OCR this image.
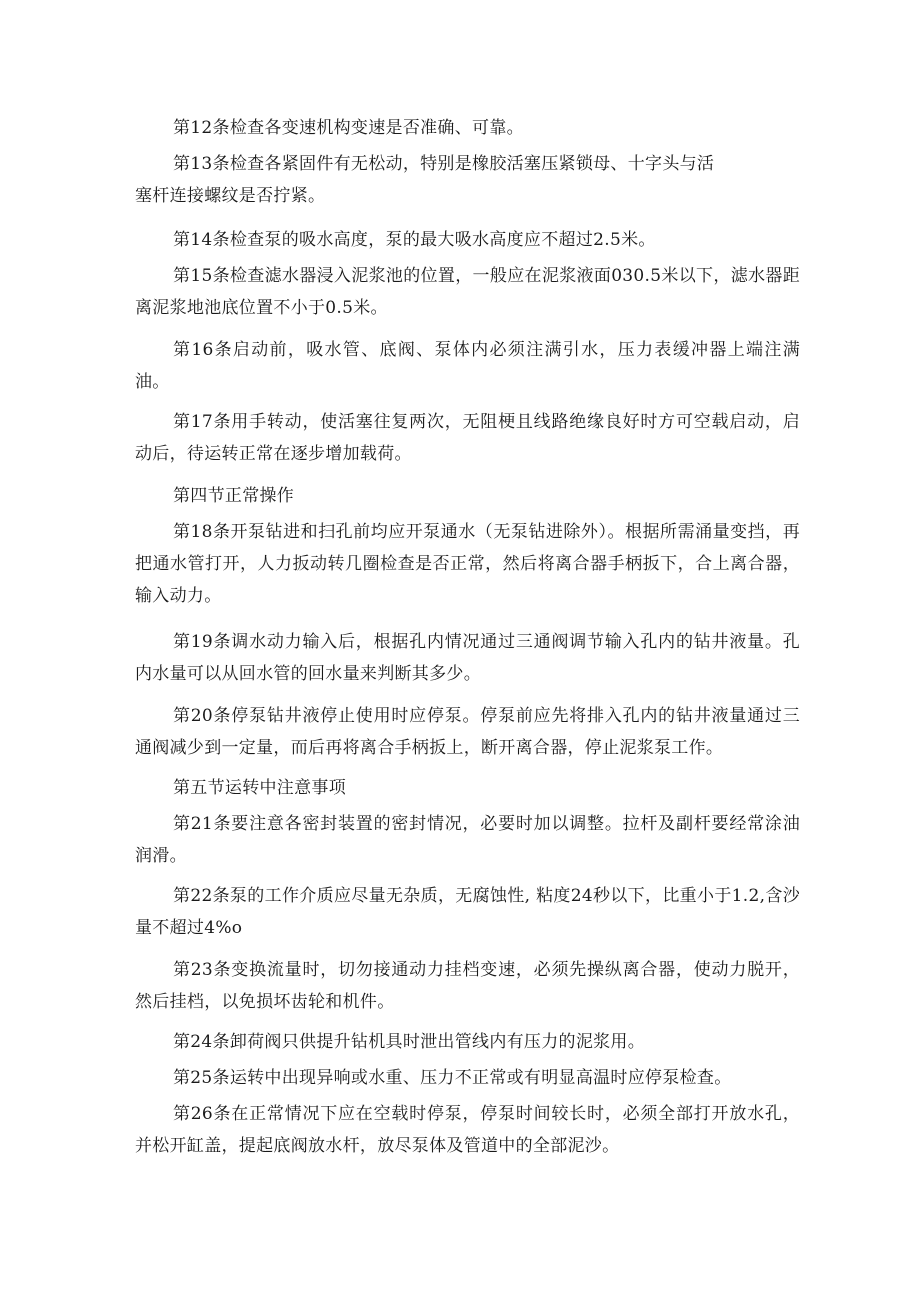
第12条检查各变速机构变速是否准确、可靠。

第13条检查各紧固件有无松动，特别是橡胶活塞压紧锁母、十字头与活
塞杆连接螺纹是否拧紧。

第14条检查泵的吸水高度，泵的最大吸水高度应不超过2.5米。

第15条检查滤水器浸入泥浆池的位置，一般应在泥浆液面030.5米以下，滤水器距离泥浆地池底位置不小于0.5米。

第16条启动前，吸水管、底阀、泵体内必须注满引水，压力表缓冲器上端注满油。

第17条用手转动，使活塞往复两次，无阻梗且线路绝缘良好时方可空载启动，启动后，待运转正常在逐步增加载荷。

第四节正常操作

第18条开泵钻进和扫孔前均应开泵通水（无泵钻进除外）。根据所需涌量变挡，再把通水管打开，人力扳动转几圈检查是否正常，然后将离合器手柄扳下，合上离合器，输入动力。

第19条调水动力输入后，根据孔内情况通过三通阀调节输入孔内的钻井液量。孔内水量可以从回水管的回水量来判断其多少。

第20条停泵钻井液停止使用时应停泵。停泵前应先将排入孔内的钻井液量通过三通阀减少到一定量，而后再将离合手柄扳上，断开离合器，停止泥浆泵工作。

第五节运转中注意事项

第21条要注意各密封装置的密封情况，必要时加以调整。拉杆及副杆要经常涂油润滑。

第22条泵的工作介质应尽量无杂质，无腐蚀性, 粘度24秒以下，比重小于1.2,含沙量不超过4%o

第23条变换流量时，切勿接通动力挂档变速，必须先操纵离合器，使动力脱开，然后挂档，以免损坏齿轮和机件。

第24条卸荷阀只供提升钻机具时泄出管线内有压力的泥浆用。

第25条运转中出现异响或水重、压力不正常或有明显高温时应停泵检查。

第26条在正常情况下应在空载时停泵，停泵时间较长时，必须全部打开放水孔，并松开缸盖，提起底阀放水杆，放尽泵体及管道中的全部泥沙。
